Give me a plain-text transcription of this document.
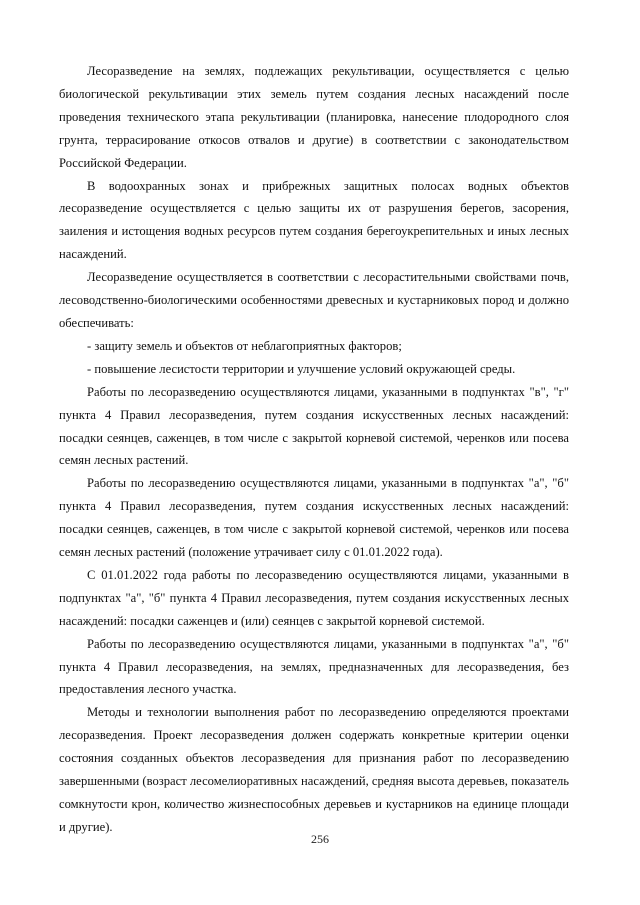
Лесоразведение на землях, подлежащих рекультивации, осуществляется с целью биологической рекультивации этих земель путем создания лесных насаждений после проведения технического этапа рекультивации (планировка, нанесение плодородного слоя грунта, террасирование откосов отвалов и другие) в соответствии с законодательством Российской Федерации.

В водоохранных зонах и прибрежных защитных полосах водных объектов лесоразведение осуществляется с целью защиты их от разрушения берегов, засорения, заиления и истощения водных ресурсов путем создания берегоукрепительных и иных лесных насаждений.

Лесоразведение осуществляется в соответствии с лесорастительными свойствами почв, лесоводственно-биологическими особенностями древесных и кустарниковых пород и должно обеспечивать:

- защиту земель и объектов от неблагоприятных факторов;

- повышение лесистости территории и улучшение условий окружающей среды.

Работы по лесоразведению осуществляются лицами, указанными в подпунктах "в", "г" пункта 4 Правил лесоразведения, путем создания искусственных лесных насаждений: посадки сеянцев, саженцев, в том числе с закрытой корневой системой, черенков или посева семян лесных растений.

Работы по лесоразведению осуществляются лицами, указанными в подпунктах "а", "б" пункта 4 Правил лесоразведения, путем создания искусственных лесных насаждений: посадки сеянцев, саженцев, в том числе с закрытой корневой системой, черенков или посева семян лесных растений (положение утрачивает силу с 01.01.2022 года).

С 01.01.2022 года работы по лесоразведению осуществляются лицами, указанными в подпунктах "а", "б" пункта 4 Правил лесоразведения, путем создания искусственных лесных насаждений: посадки саженцев и (или) сеянцев с закрытой корневой системой.

Работы по лесоразведению осуществляются лицами, указанными в подпунктах "а", "б" пункта 4 Правил лесоразведения, на землях, предназначенных для лесоразведения, без предоставления лесного участка.

Методы и технологии выполнения работ по лесоразведению определяются проектами лесоразведения. Проект лесоразведения должен содержать конкретные критерии оценки состояния созданных объектов лесоразведения для признания работ по лесоразведению завершенными (возраст лесомелиоративных насаждений, средняя высота деревьев, показатель сомкнутости крон, количество жизнеспособных деревьев и кустарников на единице площади и другие).

256
